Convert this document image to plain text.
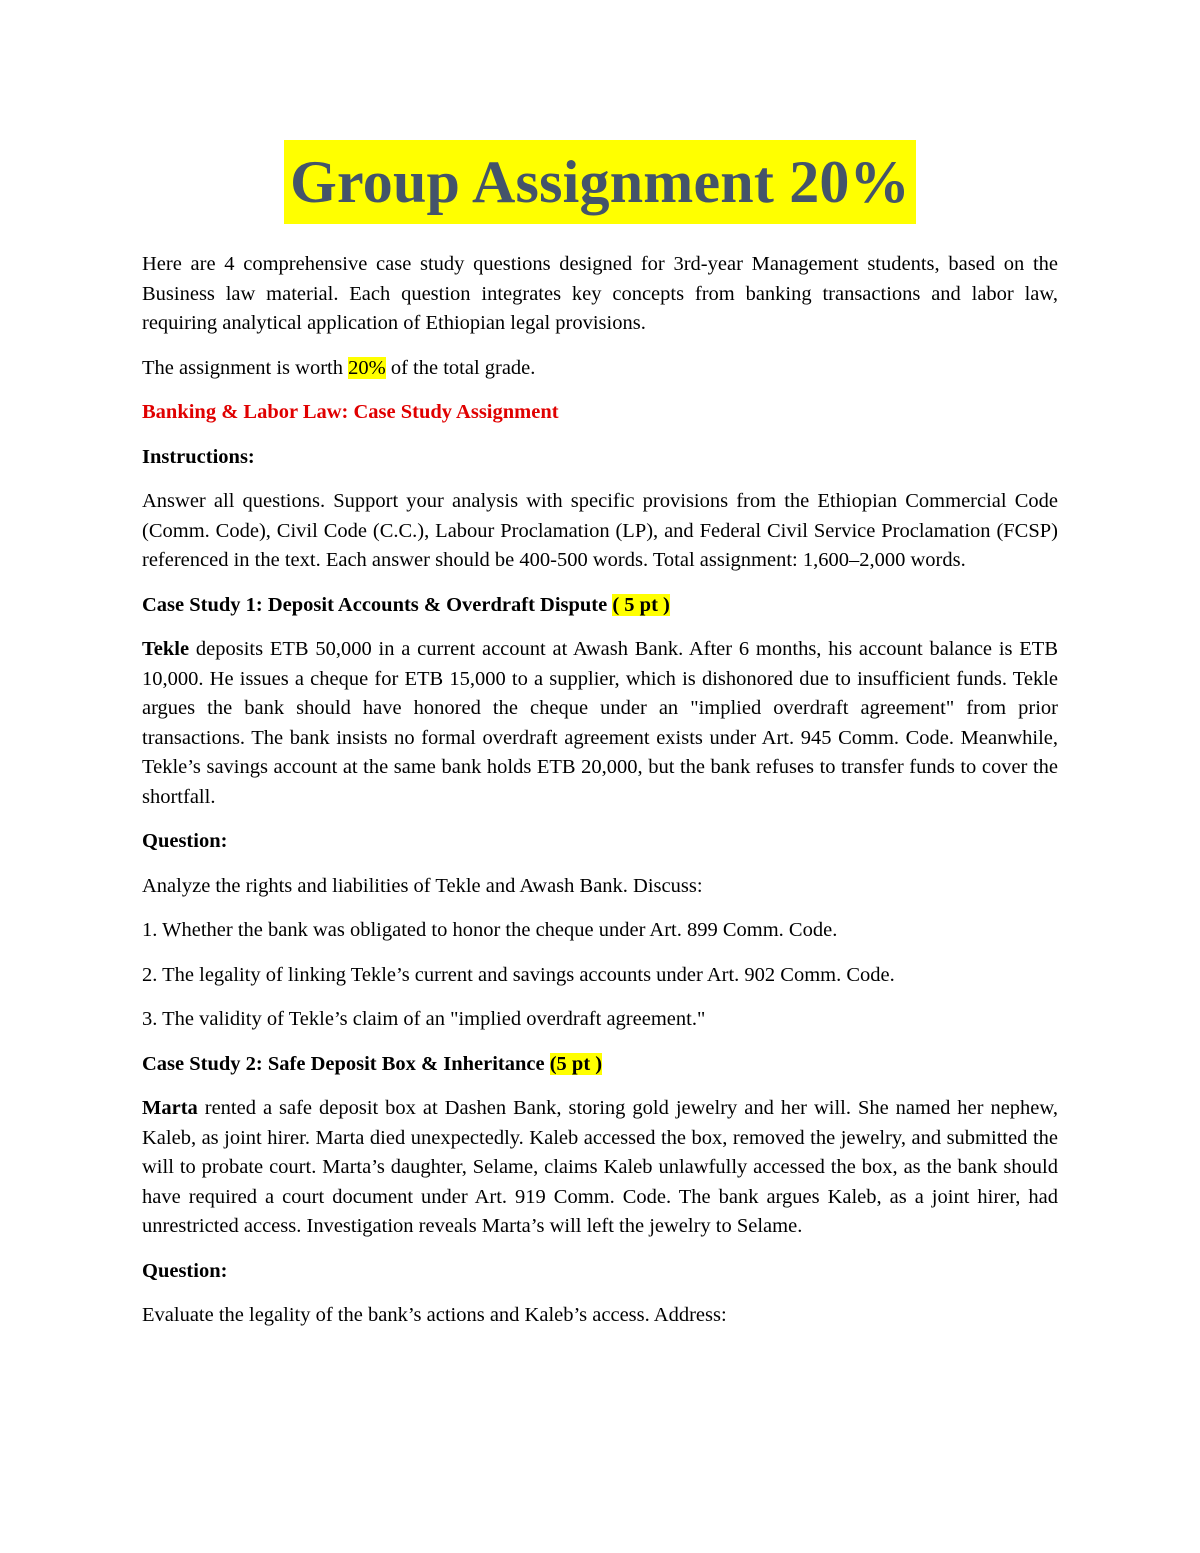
Group Assignment 20%

Here are 4 comprehensive case study questions designed for 3rd-year Management students, based on the Business law material. Each question integrates key concepts from banking transactions and labor law, requiring analytical application of Ethiopian legal provisions.

The assignment is worth 20% of the total grade.

Banking & Labor Law: Case Study Assignment

Instructions:

Answer all questions. Support your analysis with specific provisions from the Ethiopian Commercial Code (Comm. Code), Civil Code (C.C.), Labour Proclamation (LP), and Federal Civil Service Proclamation (FCSP) referenced in the text. Each answer should be 400-500 words. Total assignment: 1,600–2,000 words.

Case Study 1: Deposit Accounts & Overdraft Dispute ( 5 pt )

Tekle deposits ETB 50,000 in a current account at Awash Bank. After 6 months, his account balance is ETB 10,000. He issues a cheque for ETB 15,000 to a supplier, which is dishonored due to insufficient funds. Tekle argues the bank should have honored the cheque under an "implied overdraft agreement" from prior transactions. The bank insists no formal overdraft agreement exists under Art. 945 Comm. Code. Meanwhile, Tekle’s savings account at the same bank holds ETB 20,000, but the bank refuses to transfer funds to cover the shortfall.

Question:

Analyze the rights and liabilities of Tekle and Awash Bank. Discuss:

1. Whether the bank was obligated to honor the cheque under Art. 899 Comm. Code.

2. The legality of linking Tekle’s current and savings accounts under Art. 902 Comm. Code.

3. The validity of Tekle’s claim of an "implied overdraft agreement."

Case Study 2: Safe Deposit Box & Inheritance (5 pt )

Marta rented a safe deposit box at Dashen Bank, storing gold jewelry and her will. She named her nephew, Kaleb, as joint hirer. Marta died unexpectedly. Kaleb accessed the box, removed the jewelry, and submitted the will to probate court. Marta’s daughter, Selame, claims Kaleb unlawfully accessed the box, as the bank should have required a court document under Art. 919 Comm. Code. The bank argues Kaleb, as a joint hirer, had unrestricted access. Investigation reveals Marta’s will left the jewelry to Selame.

Question:

Evaluate the legality of the bank’s actions and Kaleb’s access. Address:
